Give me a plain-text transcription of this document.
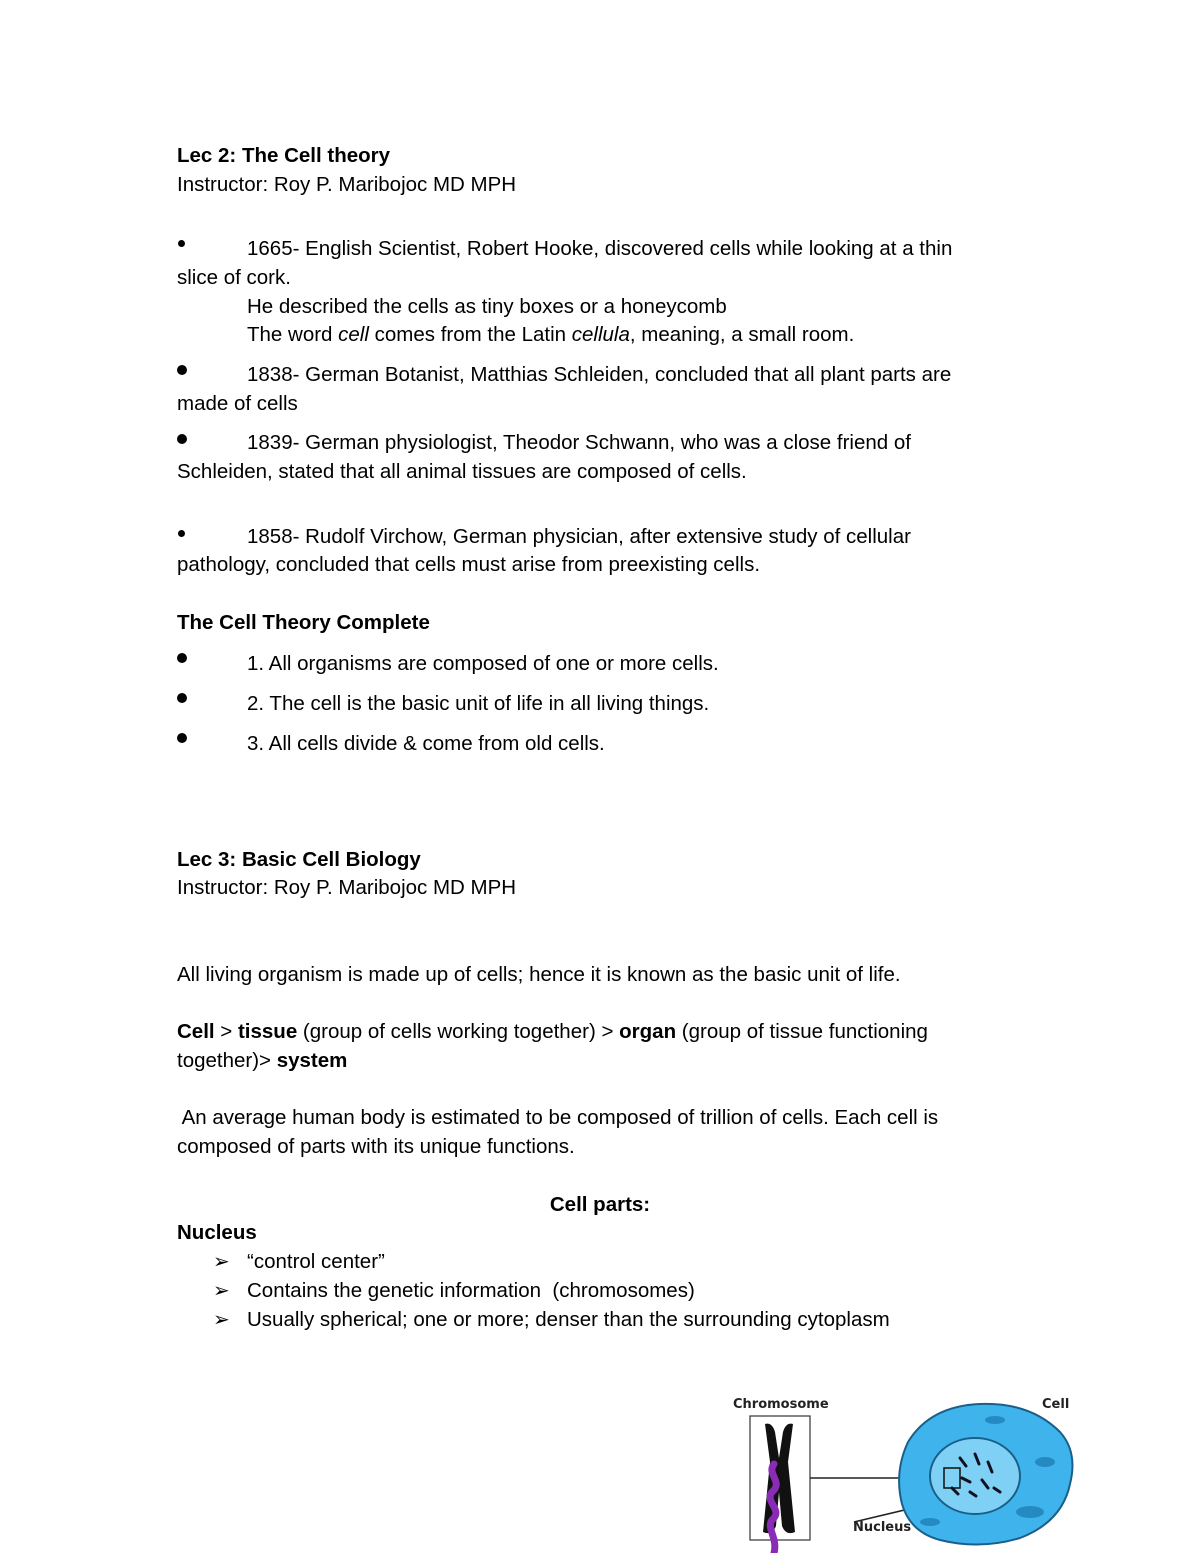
Lec 2: The Cell theory
Instructor: Roy P. Maribojoc MD MPH
1665- English Scientist, Robert Hooke, discovered cells while looking at a thin
slice of cork.
He described the cells as tiny boxes or a honeycomb
The word cell comes from the Latin cellula, meaning, a small room.
1838- German Botanist, Matthias Schleiden, concluded that all plant parts are
made of cells
1839- German physiologist, Theodor Schwann, who was a close friend of
Schleiden, stated that all animal tissues are composed of cells.
1858- Rudolf Virchow, German physician, after extensive study of cellular
pathology, concluded that cells must arise from preexisting cells.
The Cell Theory Complete
1. All organisms are composed of one or more cells.
2. The cell is the basic unit of life in all living things.
3. All cells divide & come from old cells.
Lec 3: Basic Cell Biology
Instructor: Roy P. Maribojoc MD MPH
All living organism is made up of cells; hence it is known as the basic unit of life.
Cell > tissue (group of cells working together) > organ (group of tissue functioning
together)> system
An average human body is estimated to be composed of trillion of cells. Each cell is
composed of parts with its unique functions.
Cell parts:
Nucleus
➢ “control center”
➢ Contains the genetic information  (chromosomes)
➢ Usually spherical; one or more; denser than the surrounding cytoplasm
Chromosome	Cell
Nucleus
